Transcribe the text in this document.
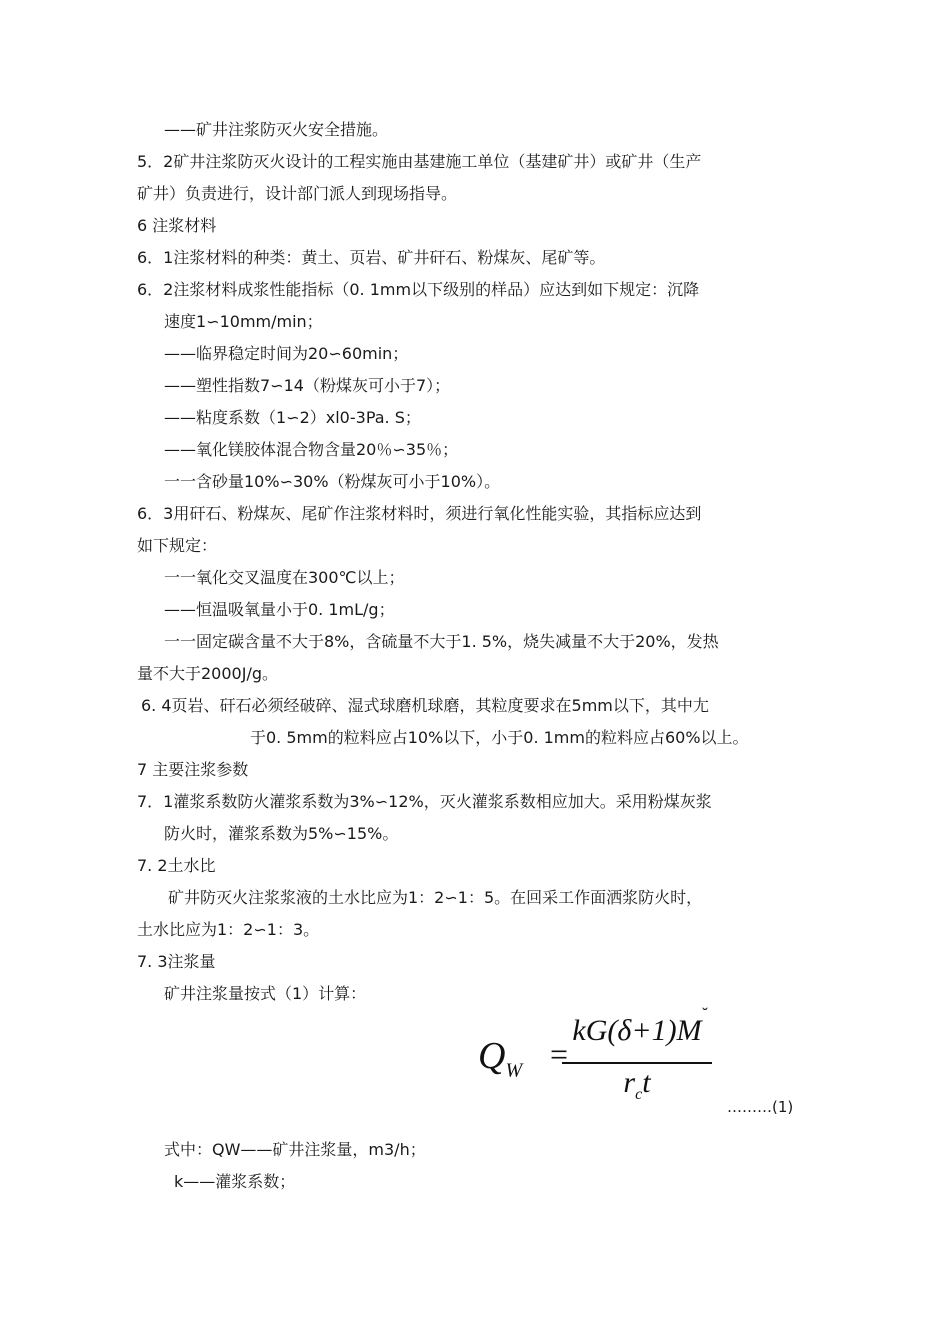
——矿井注浆防灭火安全措施。
5．2矿井注浆防灭火设计的工程实施由基建施工单位（基建矿井）或矿井（生产
矿井）负责进行，设计部门派人到现场指导。
6 注浆材料
6．1注浆材料的种类：黄土、页岩、矿井矸石、粉煤灰、尾矿等。
6．2注浆材料成浆性能指标（0. 1mm以下级别的样品）应达到如下规定：沉降
速度1∽10mm/min；
——临界稳定时间为20∽60min；
——塑性指数7∽14（粉煤灰可小于7）；
——粘度系数（1∽2）xl0-3Pa. S；
——氧化镁胶体混合物含量20％∽35％；
一一含砂量10%∽30%（粉煤灰可小于10%）。
6．3用矸石、粉煤灰、尾矿作注浆材料时，须进行氧化性能实验，其指标应达到
如下规定：
一一氧化交叉温度在300℃以上；
——恒温吸氧量小于0. 1mL/g；
一一固定碳含量不大于8%，含硫量不大于1. 5%，烧失减量不大于20%，发热
量不大于2000J/g。
6. 4页岩、矸石必须经破碎、湿式球磨机球磨，其粒度要求在5mm以下，其中尢
于0. 5mm的粒料应占10%以下，小于0. 1mm的粒料应占60%以上。
7 主要注浆参数
7．1灌浆系数防火灌浆系数为3%∽12%，灭火灌浆系数相应加大。采用粉煤灰浆
防火时，灌浆系数为5%∽15%。
7. 2土水比
矿井防灭火注浆浆液的土水比应为1：2∽1：5。在回采工作面洒浆防火时，
土水比应为1：2∽1：3。
7. 3注浆量
矿井注浆量按式（1）计算：
$Q_W$ =
kG(δ+1)M ˘
$r_ct$
………(1)
式中：QW——矿井注浆量，m3/h；
k——灌浆系数；
